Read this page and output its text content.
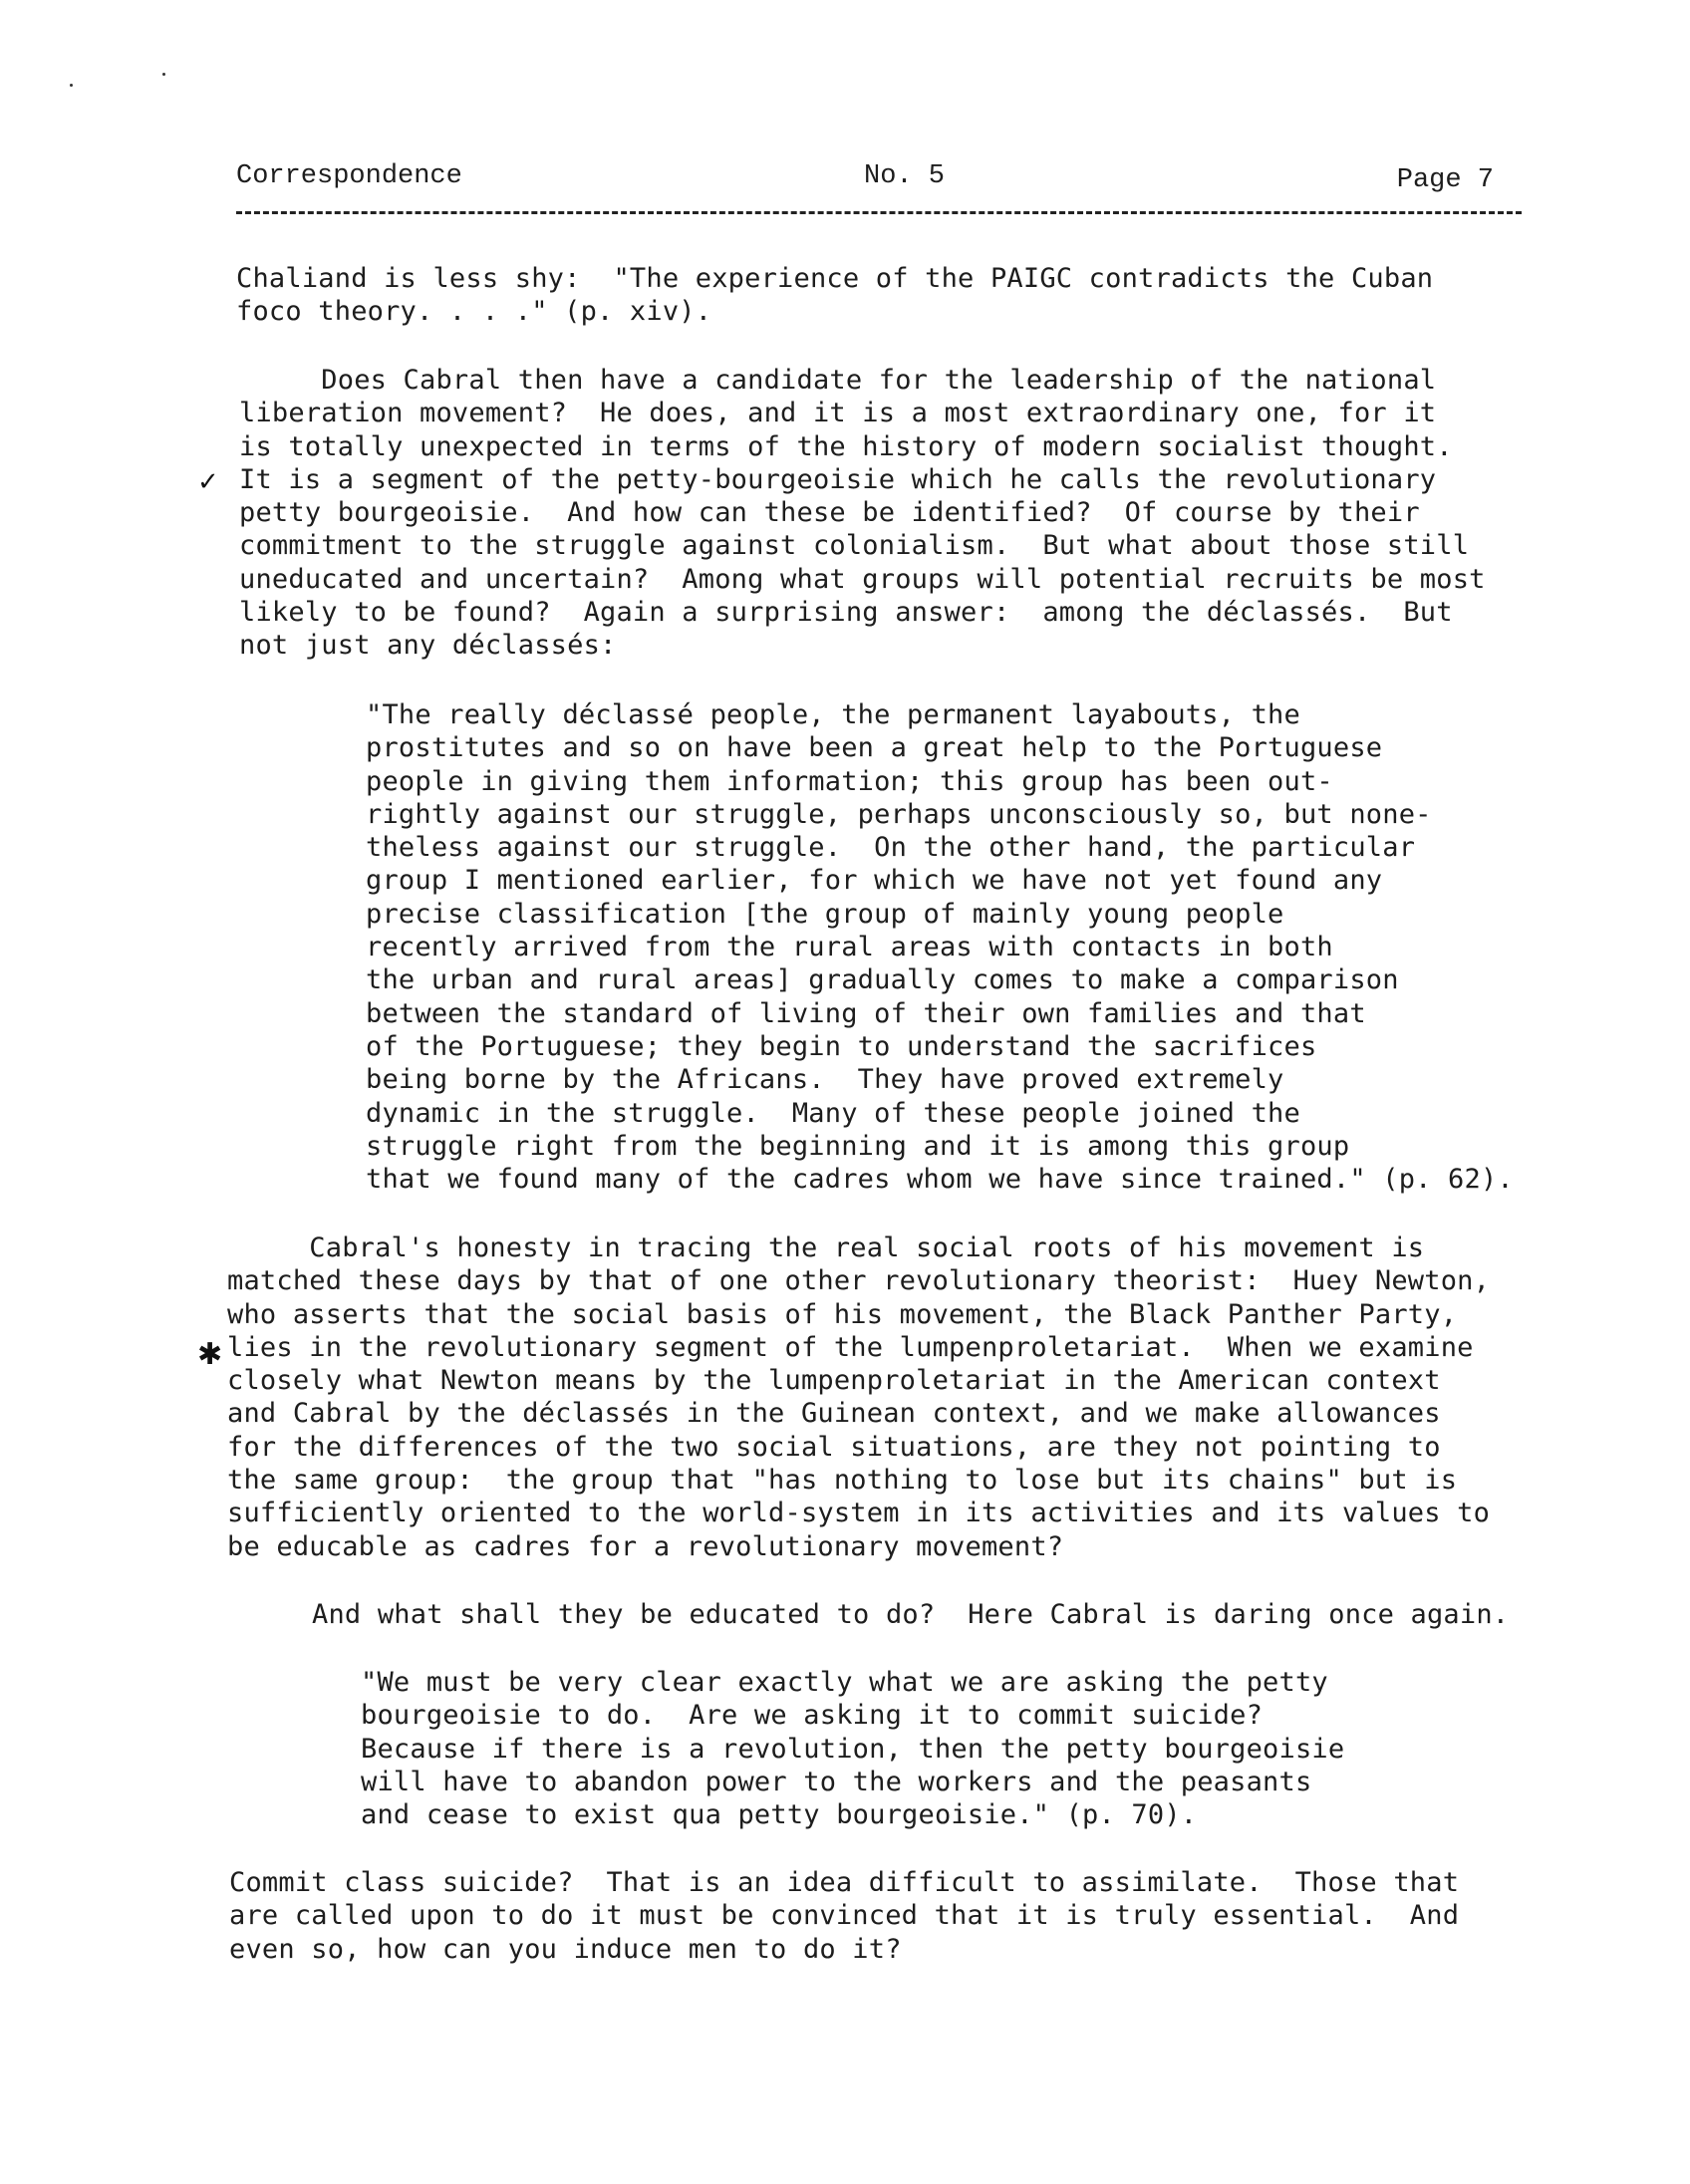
Correspondence	No. 5	Page 7
Chaliand is less shy:  "The experience of the PAIGC contradicts the Cuban
foco theory. . . ." (p. xiv).
Does Cabral then have a candidate for the leadership of the national
liberation movement?  He does, and it is a most extraordinary one, for it
is totally unexpected in terms of the history of modern socialist thought.
It is a segment of the petty-bourgeoisie which he calls the revolutionary
petty bourgeoisie.  And how can these be identified?  Of course by their
commitment to the struggle against colonialism.  But what about those still
uneducated and uncertain?  Among what groups will potential recruits be most
likely to be found?  Again a surprising answer:  among the déclassés.  But
not just any déclassés:
"The really déclassé people, the permanent layabouts, the
prostitutes and so on have been a great help to the Portuguese
people in giving them information; this group has been out-
rightly against our struggle, perhaps unconsciously so, but none-
theless against our struggle.  On the other hand, the particular
group I mentioned earlier, for which we have not yet found any
precise classification [the group of mainly young people
recently arrived from the rural areas with contacts in both
the urban and rural areas] gradually comes to make a comparison
between the standard of living of their own families and that
of the Portuguese; they begin to understand the sacrifices
being borne by the Africans.  They have proved extremely
dynamic in the struggle.  Many of these people joined the
struggle right from the beginning and it is among this group
that we found many of the cadres whom we have since trained." (p. 62).
Cabral's honesty in tracing the real social roots of his movement is
matched these days by that of one other revolutionary theorist:  Huey Newton,
who asserts that the social basis of his movement, the Black Panther Party,
lies in the revolutionary segment of the lumpenproletariat.  When we examine
closely what Newton means by the lumpenproletariat in the American context
and Cabral by the déclassés in the Guinean context, and we make allowances
for the differences of the two social situations, are they not pointing to
the same group:  the group that "has nothing to lose but its chains" but is
sufficiently oriented to the world-system in its activities and its values to
be educable as cadres for a revolutionary movement?
And what shall they be educated to do?  Here Cabral is daring once again.
"We must be very clear exactly what we are asking the petty
bourgeoisie to do.  Are we asking it to commit suicide?
Because if there is a revolution, then the petty bourgeoisie
will have to abandon power to the workers and the peasants
and cease to exist qua petty bourgeoisie." (p. 70).
Commit class suicide?  That is an idea difficult to assimilate.  Those that
are called upon to do it must be convinced that it is truly essential.  And
even so, how can you induce men to do it?
✓
✱
